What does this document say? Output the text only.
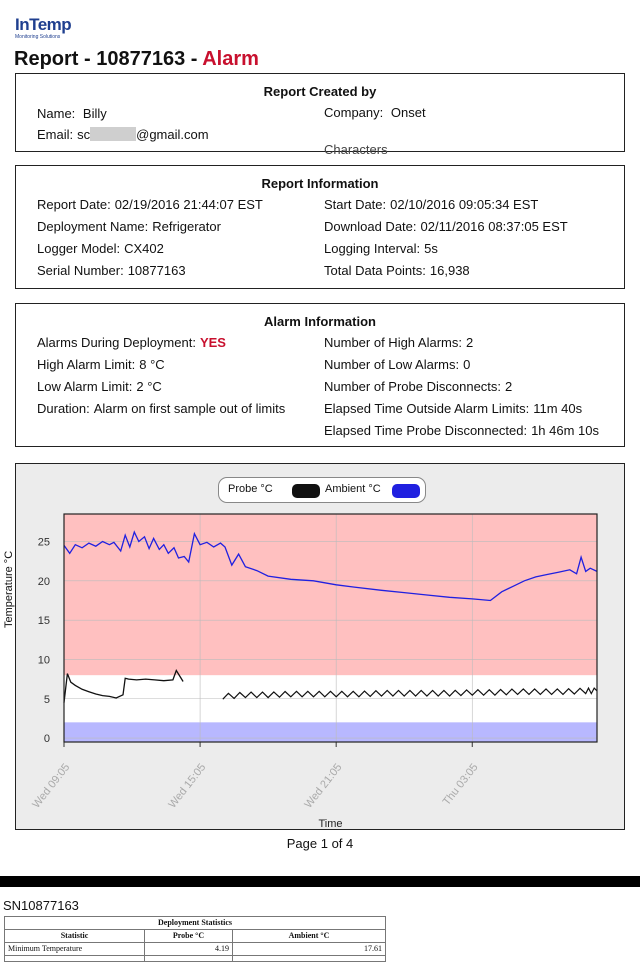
InTemp
Monitoring Solutions
Report - 10877163 - Alarm
Report Created by
Name: Billy
Email: sc	@gmail.com
Company: Onset
Characters
Report Information
Report Date: 02/19/2016 21:44:07 EST
Deployment Name: Refrigerator
Logger Model: CX402
Serial Number: 10877163
Start Date: 02/10/2016 09:05:34 EST
Download Date: 02/11/2016 08:37:05 EST
Logging Interval: 5s
Total Data Points: 16,938
Alarm Information
Alarms During Deployment: YES
High Alarm Limit: 8 °C
Low Alarm Limit: 2 °C
Duration: Alarm on first sample out of limits
Number of High Alarms: 2
Number of Low Alarms: 0
Number of Probe Disconnects: 2
Elapsed Time Outside Alarm Limits: 11m 40s
Elapsed Time Probe Disconnected: 1h 46m 10s
Probe °C	Ambient °C
Temperature °C
0
5
10
15
20
25
Wed 09:05	Wed 15:05	Wed 21:05	Thu 03:05
Time
Page 1 of 4
SN10877163
Deployment Statistics		
Statistic	Probe °C	Ambient °C
Minimum Temperature	4.19	17.61
